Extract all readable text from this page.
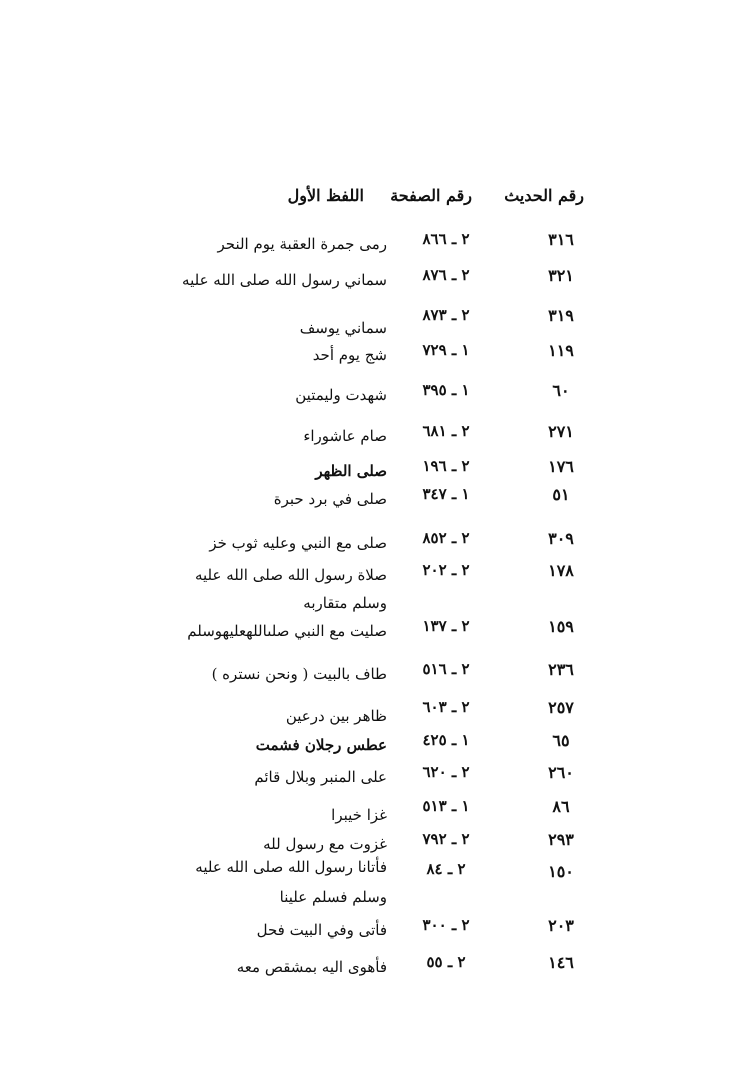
رقم الحديث
رقم الصفحة
اللفظ الأول
٣١٦
٢ ـ ٨٦٦
رمى جمرة العقبة يوم النحر
٣٢١
٢ ـ ٨٧٦
سماني رسول الله صلى الله عليه
٣١٩
٢ ـ ٨٧٣
سماني يوسف
١١٩
١ ـ ٧٢٩
شج يوم أحد
٦٠
١ ـ ٣٩٥
شهدت وليمتين
٢٧١
٢ ـ ٦٨١
صام عاشوراء
١٧٦
٢ ـ ١٩٦
صلى الظهر
٥١
١ ـ ٣٤٧
صلى في برد حبرة
٣٠٩
٢ ـ ٨٥٢
صلى مع النبي وعليه ثوب خز
١٧٨
٢ ـ ٢٠٢
صلاة رسول الله صلى الله عليه وسلم متقاربه
١٥٩
٢ ـ ١٣٧
صليت مع النبي صلىاللهعليهوسلم
٢٣٦
٢ ـ ٥١٦
طاف بالبيت ( ونحن نستره )
٢٥٧
٢ ـ ٦٠٣
ظاهر بين درعين
٦٥
١ ـ ٤٢٥
عطس رجلان فشمت
٢٦٠
٢ ـ ٦٢٠
على المنبر وبلال قائم
٨٦
١ ـ ٥١٣
غزا خيبرا
٢٩٣
٢ ـ ٧٩٢
غزوت مع رسول لله
١٥٠
٢ ـ ٨٤
فأتانا رسول الله صلى الله عليه وسلم فسلم علينا
٢٠٣
٢ ـ ٣٠٠
فأتى وفي البيت فحل
١٤٦
٢ ـ ٥٥
فأهوى اليه بمشقص معه
